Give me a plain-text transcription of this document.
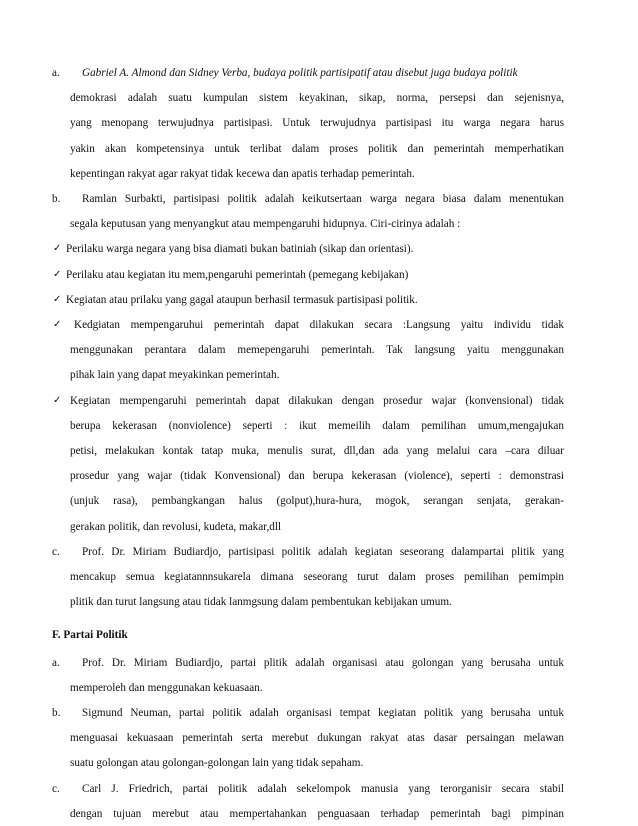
a. Gabriel A. Almond dan Sidney Verba, budaya politik partisipatif atau disebut juga budaya politik
demokrasi adalah suatu kumpulan sistem keyakinan, sikap, norma, persepsi dan sejenisnya,
yang menopang terwujudnya partisipasi. Untuk terwujudnya partisipasi itu warga negara harus
yakin akan kompetensinya untuk terlibat dalam proses politik dan pemerintah memperhatikan
kepentingan rakyat agar rakyat tidak kecewa dan apatis terhadap pemerintah.
b. Ramlan Surbakti, partisipasi politik adalah keikutsertaan warga negara biasa dalam menentukan
segala keputusan yang menyangkut atau mempengaruhi hidupnya. Ciri-cirinya adalah :
✓ Perilaku warga negara yang bisa diamati bukan batiniah (sikap dan orientasi).
✓ Perilaku atau kegiatan itu mem,pengaruhi pemerintah (pemegang kebijakan)
✓ Kegiatan atau prilaku yang gagal ataupun berhasil termasuk partisipasi politik.
✓ Kedgiatan mempengaruhui pemerintah dapat dilakukan secara :Langsung yaitu individu tidak
menggunakan perantara dalam memepengaruhi pemerintah. Tak langsung yaitu menggunakan
pihak lain yang dapat meyakinkan pemerintah.
✓ Kegiatan mempengaruhi pemerintah dapat dilakukan dengan prosedur wajar (konvensional) tidak
berupa kekerasan (nonviolence) seperti : ikut memeilih dalam pemilihan umum,mengajukan
petisi, melakukan kontak tatap muka, menulis surat, dll,dan ada yang melalui cara –cara diluar
prosedur yang wajar (tidak Konvensional) dan berupa kekerasan (violence), seperti : demonstrasi
(unjuk rasa), pembangkangan halus (golput),hura-hura, mogok, serangan senjata, gerakan-
gerakan politik, dan revolusi, kudeta, makar,dll
c. Prof. Dr. Miriam Budiardjo, partisipasi politik adalah kegiatan seseorang dalampartai plitik yang
mencakup semua kegiatannnsukarela dimana seseorang turut dalam proses pemilihan pemimpin
plitik dan turut langsung atau tidak lanmgsung dalam pembentukan kebijakan umum.
F. Partai Politik
a. Prof. Dr. Miriam Budiardjo, partai plitik adalah organisasi atau golongan yang berusaha untuk
memperoleh dan menggunakan kekuasaan.
b. Sigmund Neuman, partai politik adalah organisasi tempat kegiatan politik yang berusaha untuk
menguasai kekuasaan pemerintah serta merebut dukungan rakyat atas dasar persaingan melawan
suatu golongan atau golongan-golongan lain yang tidak sepaham.
c. Carl J. Friedrich, partai politik adalah sekelompok manusia yang terorganisir secara stabil
dengan tujuan merebut atau mempertahankan penguasaan terhadap pemerintah bagi pimpinan
